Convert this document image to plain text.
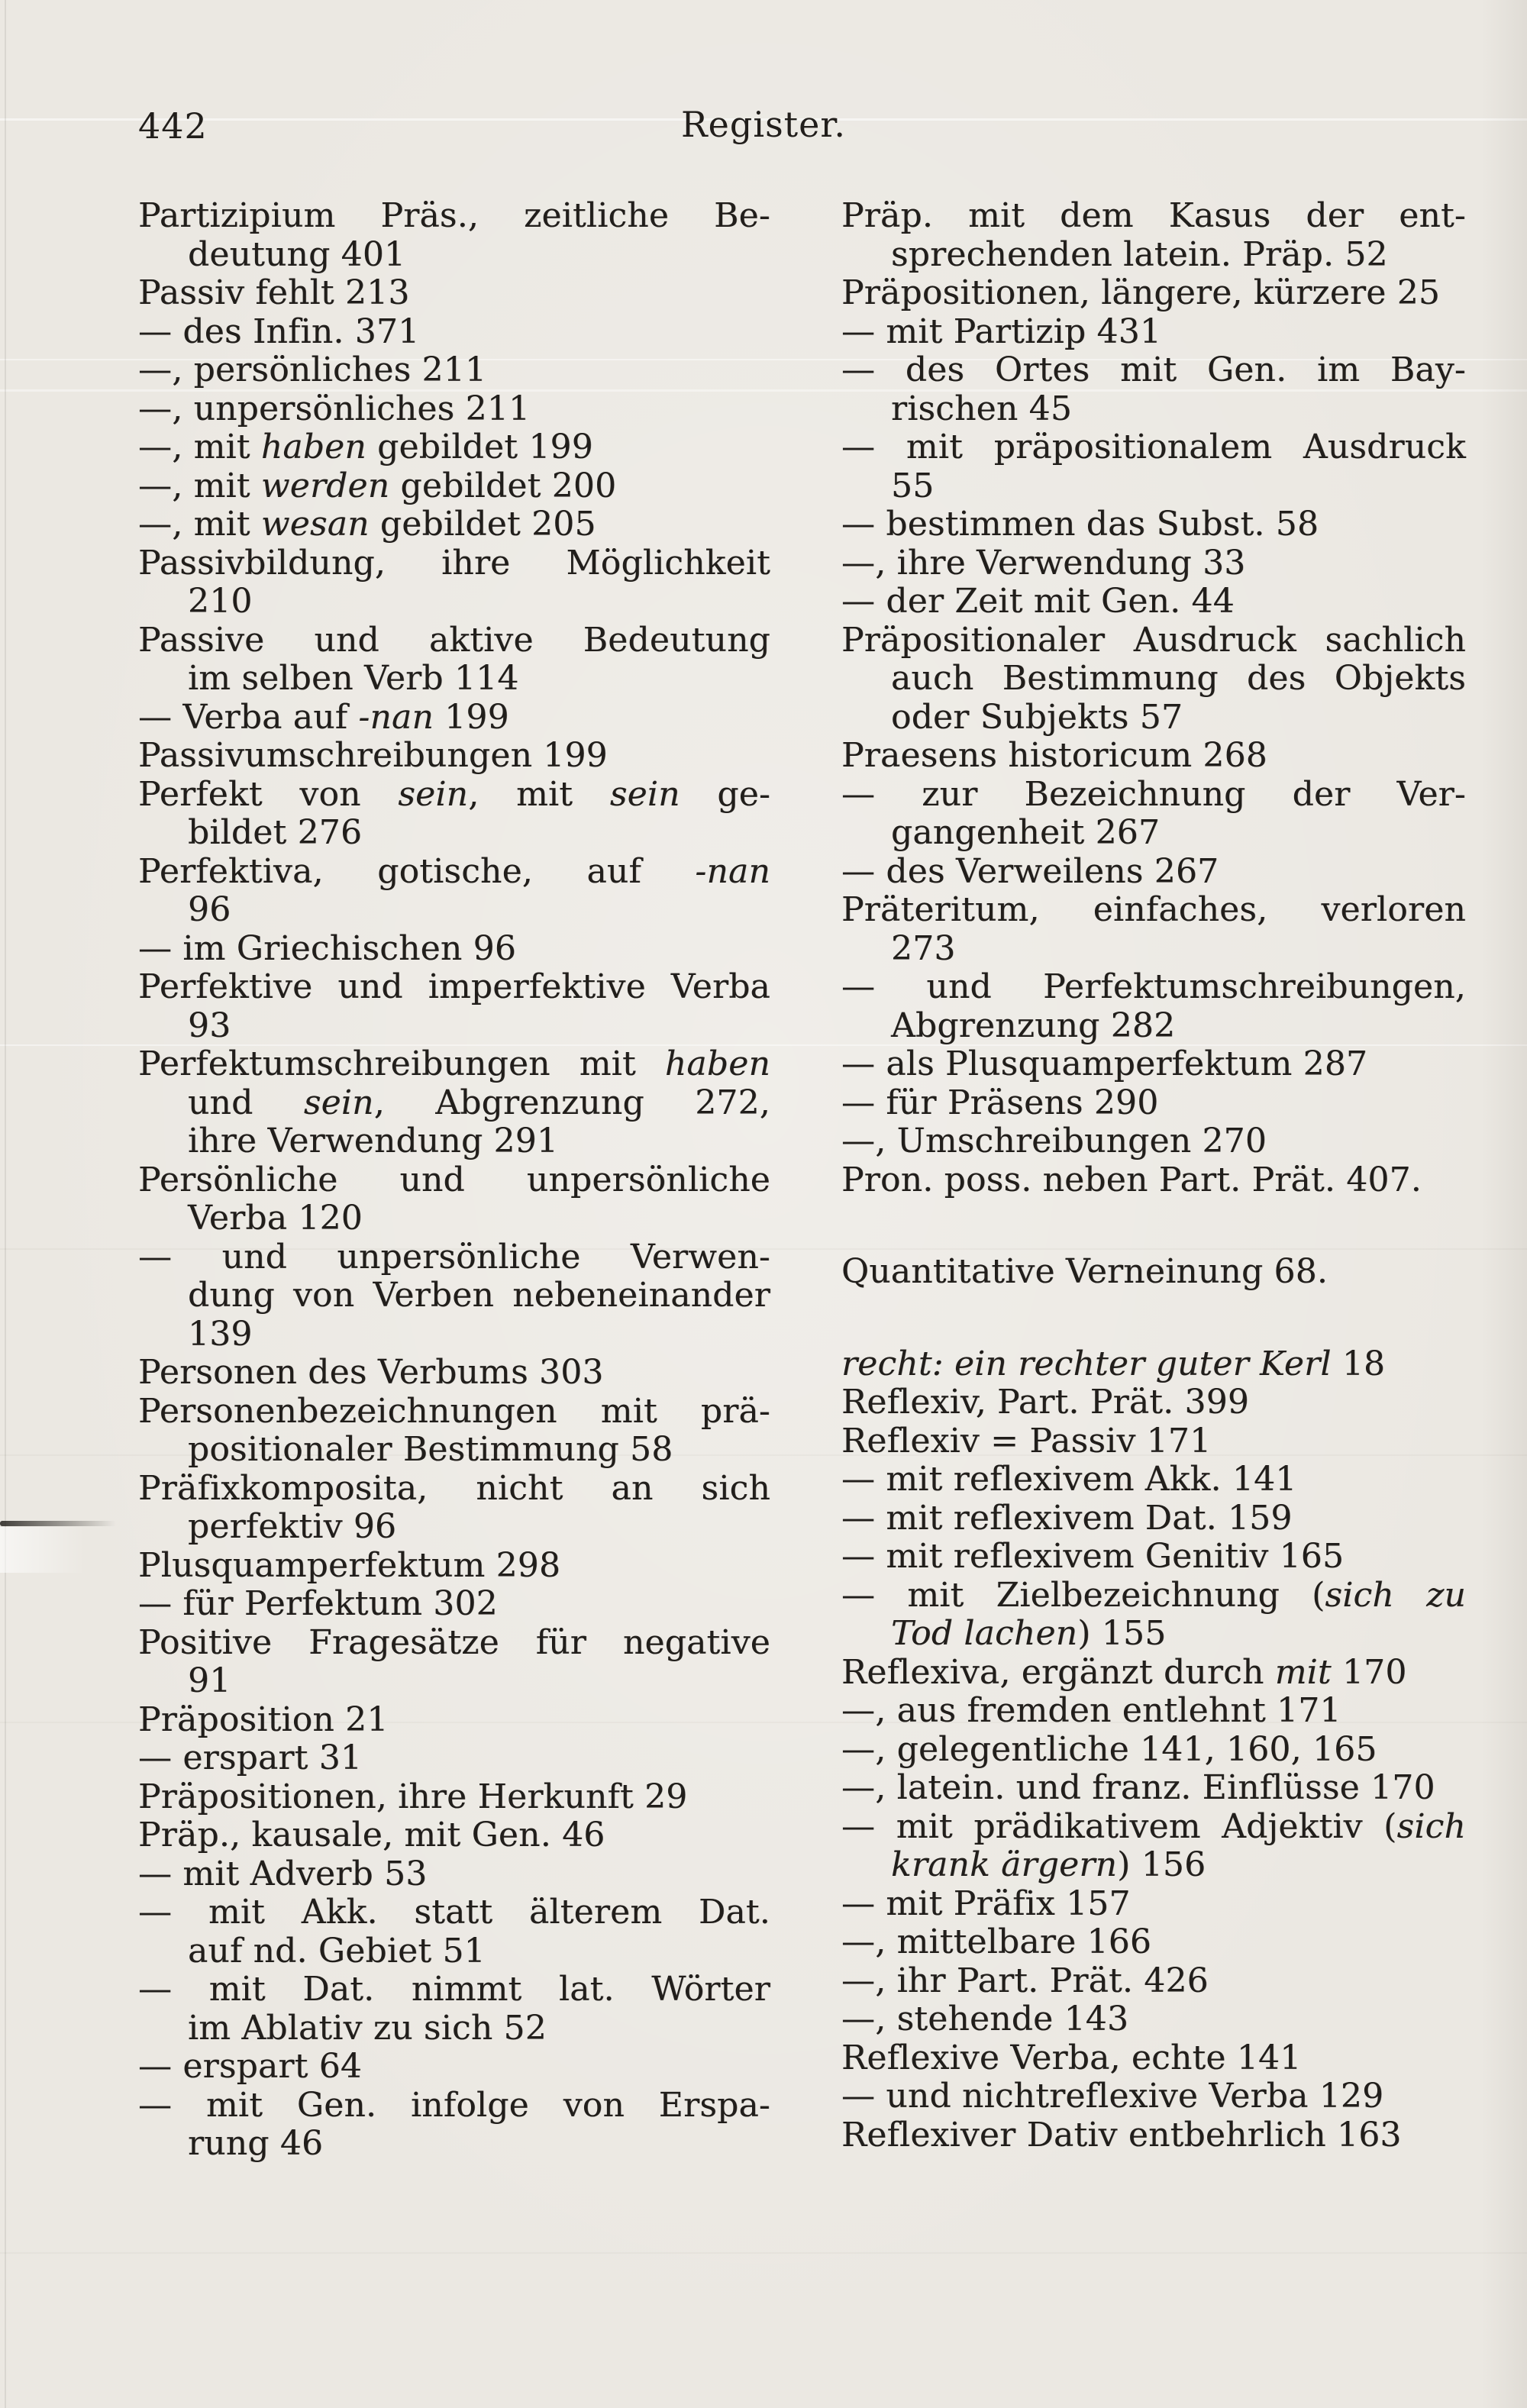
442	Register.
Partizipium Präs., zeitliche Be-
deutung 401
Passiv fehlt 213
— des Infin. 371
—, persönliches 211
—, unpersönliches 211
—, mit haben gebildet 199
—, mit werden gebildet 200
—, mit wesan gebildet 205
Passivbildung, ihre Möglichkeit
210
Passive und aktive Bedeutung
im selben Verb 114
— Verba auf -nan 199
Passivumschreibungen 199
Perfekt von sein, mit sein ge-
bildet 276
Perfektiva, gotische, auf -nan
96
— im Griechischen 96
Perfektive und imperfektive Verba
93
Perfektumschreibungen mit haben
und sein, Abgrenzung 272,
ihre Verwendung 291
Persönliche und unpersönliche
Verba 120
— und unpersönliche Verwen-
dung von Verben nebeneinander
139
Personen des Verbums 303
Personenbezeichnungen mit prä-
positionaler Bestimmung 58
Präfixkomposita, nicht an sich
perfektiv 96
Plusquamperfektum 298
— für Perfektum 302
Positive Fragesätze für negative
91
Präposition 21
— erspart 31
Präpositionen, ihre Herkunft 29
Präp., kausale, mit Gen. 46
— mit Adverb 53
— mit Akk. statt älterem Dat.
auf nd. Gebiet 51
— mit Dat. nimmt lat. Wörter
im Ablativ zu sich 52
— erspart 64
— mit Gen. infolge von Erspa-
rung 46
Präp. mit dem Kasus der ent-
sprechenden latein. Präp. 52
Präpositionen, längere, kürzere 25
— mit Partizip 431
— des Ortes mit Gen. im Bay-
rischen 45
— mit präpositionalem Ausdruck
55
— bestimmen das Subst. 58
—, ihre Verwendung 33
— der Zeit mit Gen. 44
Präpositionaler Ausdruck sachlich
auch Bestimmung des Objekts
oder Subjekts 57
Praesens historicum 268
— zur Bezeichnung der Ver-
gangenheit 267
— des Verweilens 267
Präteritum, einfaches, verloren
273
— und Perfektumschreibungen,
Abgrenzung 282
— als Plusquamperfektum 287
— für Präsens 290
—, Umschreibungen 270
Pron. poss. neben Part. Prät. 407.
Quantitative Verneinung 68.
recht: ein rechter guter Kerl 18
Reflexiv, Part. Prät. 399
Reflexiv = Passiv 171
— mit reflexivem Akk. 141
— mit reflexivem Dat. 159
— mit reflexivem Genitiv 165
— mit Zielbezeichnung (sich zu
Tod lachen) 155
Reflexiva, ergänzt durch mit 170
—, aus fremden entlehnt 171
—, gelegentliche 141, 160, 165
—, latein. und franz. Einflüsse 170
— mit prädikativem Adjektiv (sich
krank ärgern) 156
— mit Präfix 157
—, mittelbare 166
—, ihr Part. Prät. 426
—, stehende 143
Reflexive Verba, echte 141
— und nichtreflexive Verba 129
Reflexiver Dativ entbehrlich 163
